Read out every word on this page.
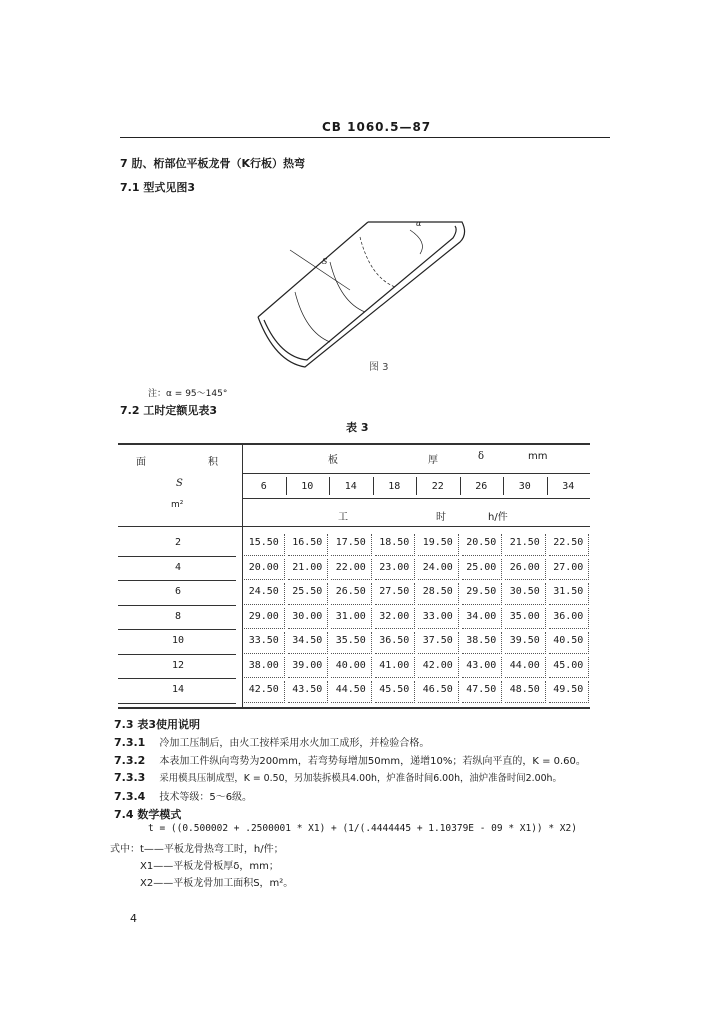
CB 1060.5—87
7 肋、桁部位平板龙骨（K行板）热弯
7.1 型式见图3
S
α
图 3
注：α = 95～145°
7.2 工时定额见表3
表 3
面	积
S
m²
板	厚	δ	mm
工	时	h/件
6	10	14	18	22	26	30	34
2	15.50	16.50	17.50	18.50	19.50	20.50	21.50	22.50
4	20.00	21.00	22.00	23.00	24.00	25.00	26.00	27.00
6	24.50	25.50	26.50	27.50	28.50	29.50	30.50	31.50
8	29.00	30.00	31.00	32.00	33.00	34.00	35.00	36.00
10	33.50	34.50	35.50	36.50	37.50	38.50	39.50	40.50
12	38.00	39.00	40.00	41.00	42.00	43.00	44.00	45.00
14	42.50	43.50	44.50	45.50	46.50	47.50	48.50	49.50
7.3 表3使用说明
7.3.1 冷加工压制后，由火工按样采用水火加工成形，并检验合格。
7.3.2 本表加工件纵向弯势为200mm，若弯势每增加50mm，递增10%；若纵向平直的，K = 0.60。
7.3.3 采用模具压制成型，K = 0.50，另加装拆模具4.00h，炉准备时间6.00h，油炉准备时间2.00h。
7.3.4 技术等级：5～6级。
7.4 数学模式
t = ((0.500002 + .2500001 * X1) + (1/(.4444445 + 1.10379E - 09 * X1)) * X2)
式中：t——平板龙骨热弯工时，h/件；
X1——平板龙骨板厚δ，mm；
X2——平板龙骨加工面积S，m²。
4
